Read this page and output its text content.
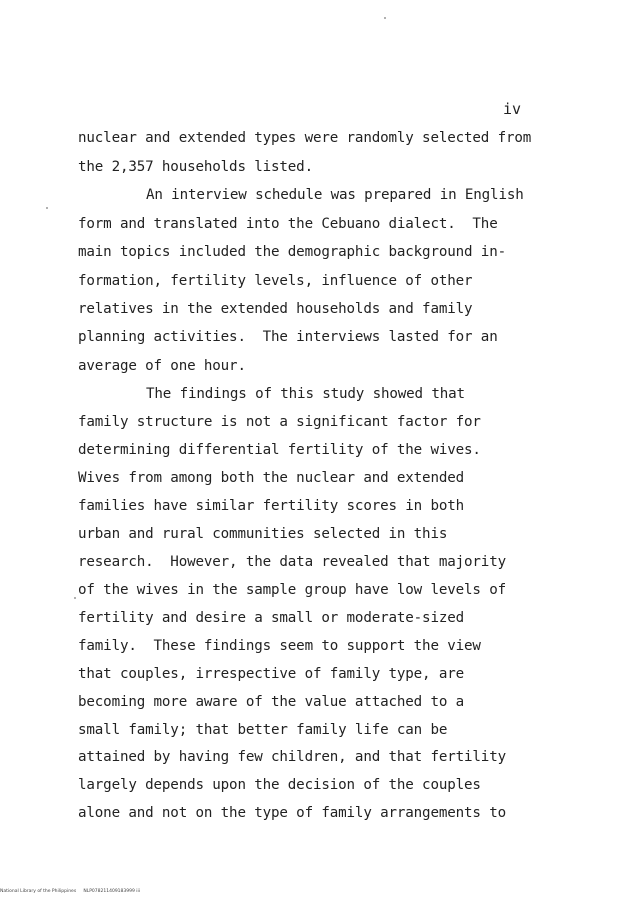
iv
nuclear and extended types were randomly selected from
the 2,357 households listed.
An interview schedule was prepared in English
form and translated into the Cebuano dialect.  The
main topics included the demographic background in-
formation, fertility levels, influence of other
relatives in the extended households and family
planning activities.  The interviews lasted for an
average of one hour.
The findings of this study showed that
family structure is not a significant factor for
determining differential fertility of the wives.
Wives from among both the nuclear and extended
families have similar fertility scores in both
urban and rural communities selected in this
research.  However, the data revealed that majority
of the wives in the sample group have low levels of
fertility and desire a small or moderate-sized
family.  These findings seem to support the view
that couples, irrespective of family type, are
becoming more aware of the value attached to a
small family; that better family life can be
attained by having few children, and that fertility
largely depends upon the decision of the couples
alone and not on the type of family arrangements to
National Library of the Philippines     NLP078211409183999 iii
